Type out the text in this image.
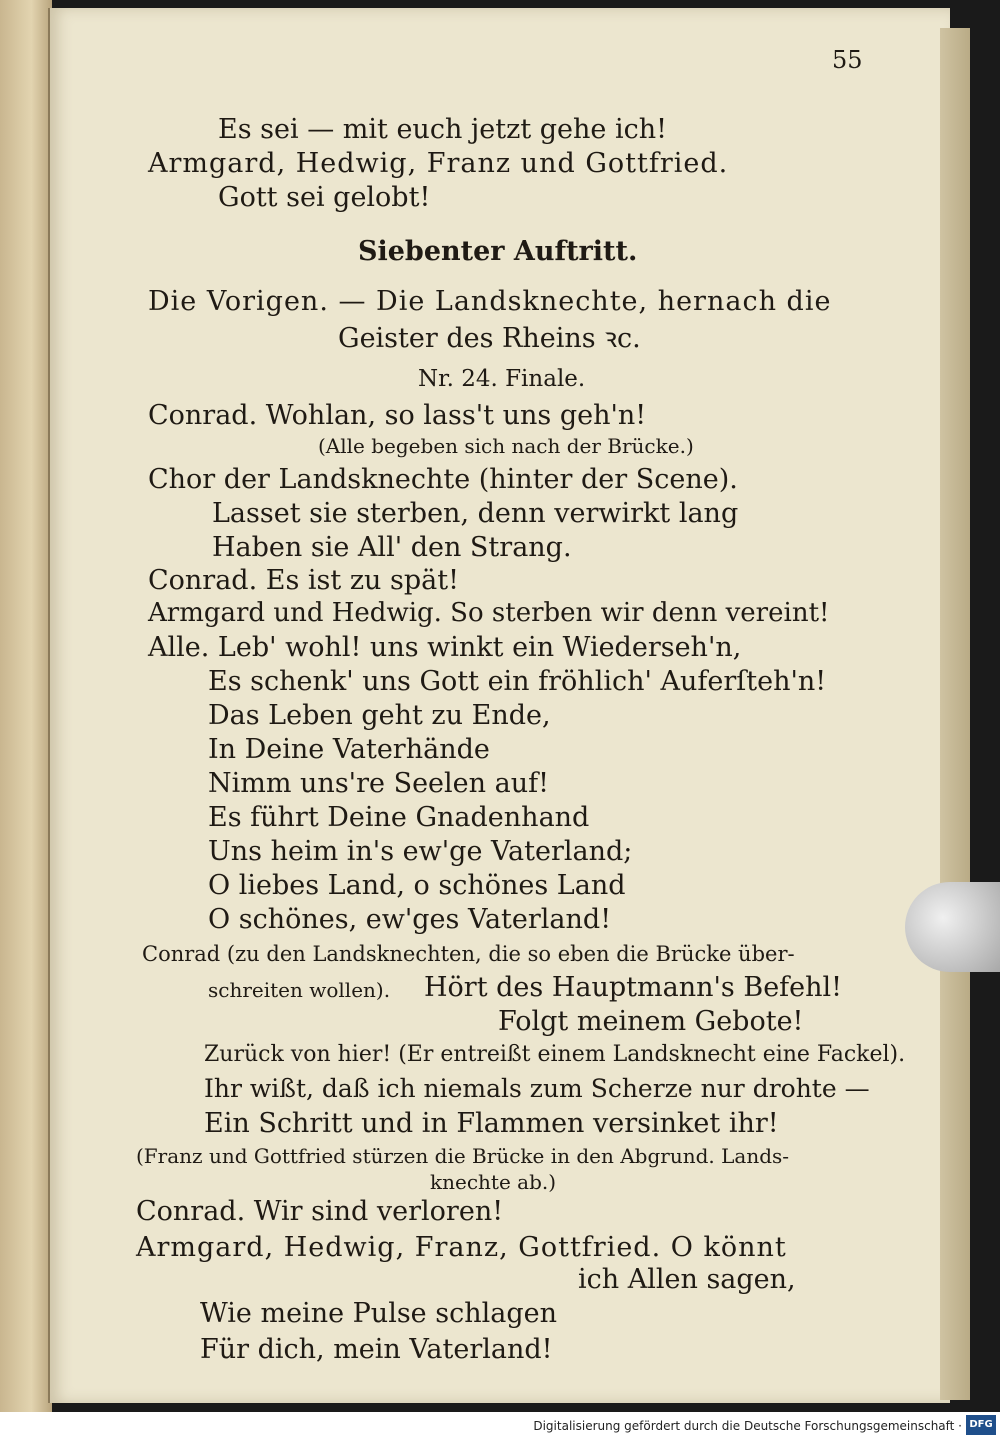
55
Es sei — mit euch jetzt gehe ich!
Armgard, Hedwig, Franz und Gottfried.
Gott sei gelobt!
Siebenter Auftritt.
Die Vorigen. — Die Landsknechte, hernach die
Geister des Rheins ꝛc.
Nr. 24. Finale.
Conrad. Wohlan, so lass't uns geh'n!
(Alle begeben sich nach der Brücke.)
Chor der Landsknechte (hinter der Scene).
Lasset sie sterben, denn verwirkt lang
Haben sie All' den Strang.
Conrad. Es ist zu spät!
Armgard und Hedwig. So sterben wir denn vereint!
Alle. Leb' wohl! uns winkt ein Wiederseh'n,
Es schenk' uns Gott ein fröhlich' Auferſteh'n!
Das Leben geht zu Ende,
In Deine Vaterhände
Nimm uns're Seelen auf!
Es führt Deine Gnadenhand
Uns heim in's ew'ge Vaterland;
O liebes Land, o schönes Land
O schönes, ew'ges Vaterland!
Conrad (zu den Landsknechten, die so eben die Brücke über-
schreiten wollen). Hört des Hauptmann's Befehl!
Folgt meinem Gebote!
Zurück von hier! (Er entreißt einem Landsknecht eine Fackel).
Ihr wißt, daß ich niemals zum Scherze nur drohte —
Ein Schritt und in Flammen versinket ihr!
(Franz und Gottfried stürzen die Brücke in den Abgrund. Lands-
knechte ab.)
Conrad. Wir sind verloren!
Armgard, Hedwig, Franz, Gottfried. O könnt
ich Allen sagen,
Wie meine Pulse schlagen
Für dich, mein Vaterland!
Digitalisierung gefördert durch die Deutsche Forschungsgemeinschaft · DFG
